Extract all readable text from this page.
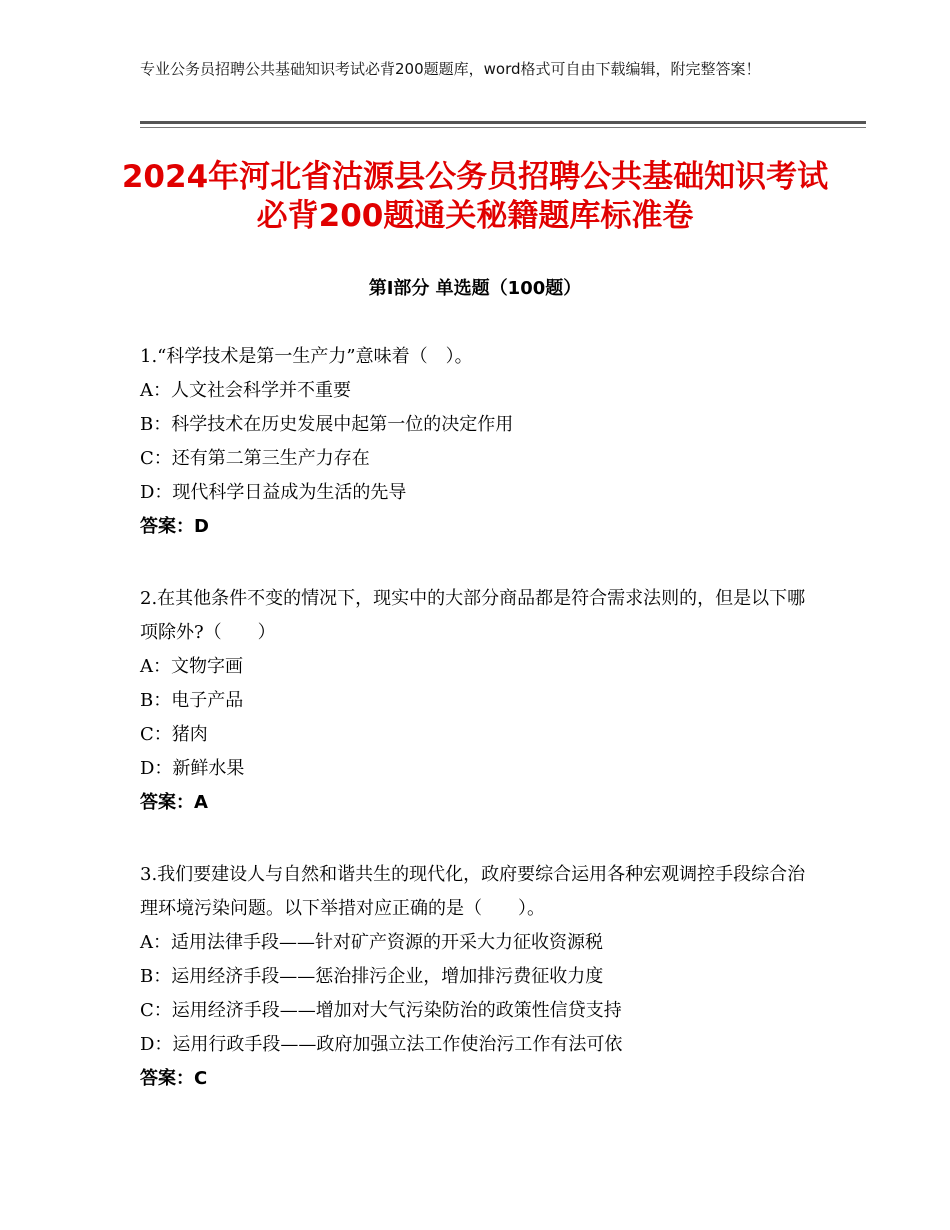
专业公务员招聘公共基础知识考试必背200题题库，word格式可自由下载编辑，附完整答案！
2024年河北省沽源县公务员招聘公共基础知识考试必背200题通关秘籍题库标准卷
第Ⅰ部分 单选题（100题）
1.“科学技术是第一生产力”意味着（　）。
A：人文社会科学并不重要
B：科学技术在历史发展中起第一位的决定作用
C：还有第二第三生产力存在
D：现代科学日益成为生活的先导
答案：D
2.在其他条件不变的情况下，现实中的大部分商品都是符合需求法则的，但是以下哪项除外?（　　）
A：文物字画
B：电子产品
C：猪肉
D：新鲜水果
答案：A
3.我们要建设人与自然和谐共生的现代化，政府要综合运用各种宏观调控手段综合治理环境污染问题。以下举措对应正确的是（　　）。
A：适用法律手段——针对矿产资源的开采大力征收资源税
B：运用经济手段——惩治排污企业，增加排污费征收力度
C：运用经济手段——增加对大气污染防治的政策性信贷支持
D：运用行政手段——政府加强立法工作使治污工作有法可依
答案：C
